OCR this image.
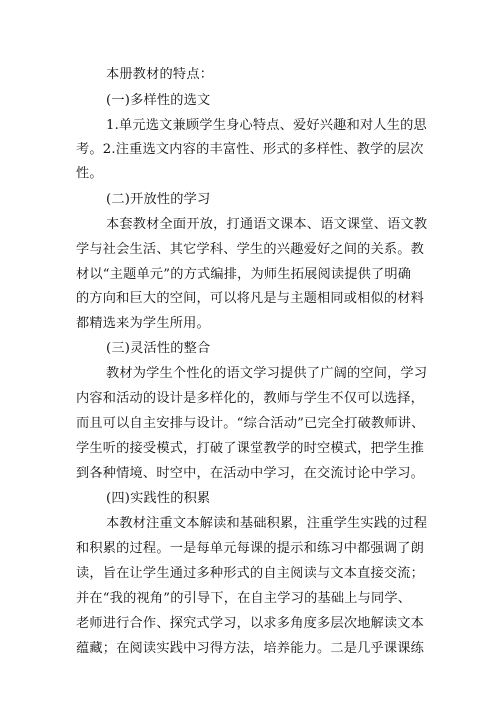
本册教材的特点：
(一)多样性的选文
1.单元选文兼顾学生身心特点、爱好兴趣和对人生的思
考。2.注重选文内容的丰富性、形式的多样性、教学的层次
性。
(二)开放性的学习
本套教材全面开放，打通语文课本、语文课堂、语文教
学与社会生活、其它学科、学生的兴趣爱好之间的关系。教
材以“主题单元”的方式编排，为师生拓展阅读提供了明确
的方向和巨大的空间，可以将凡是与主题相同或相似的材料
都精选来为学生所用。
(三)灵活性的整合
教材为学生个性化的语文学习提供了广阔的空间，学习
内容和活动的设计是多样化的，教师与学生不仅可以选择，
而且可以自主安排与设计。“综合活动”已完全打破教师讲、
学生听的接受模式，打破了课堂教学的时空模式，把学生推
到各种情境、时空中，在活动中学习，在交流讨论中学习。
(四)实践性的积累
本教材注重文本解读和基础积累，注重学生实践的过程
和积累的过程。一是每单元每课的提示和练习中都强调了朗
读，旨在让学生通过多种形式的自主阅读与文本直接交流；
并在“我的视角”的引导下，在自主学习的基础上与同学、
老师进行合作、探究式学习，以求多角度多层次地解读文本
蕴藏；在阅读实践中习得方法，培养能力。二是几乎课课练
